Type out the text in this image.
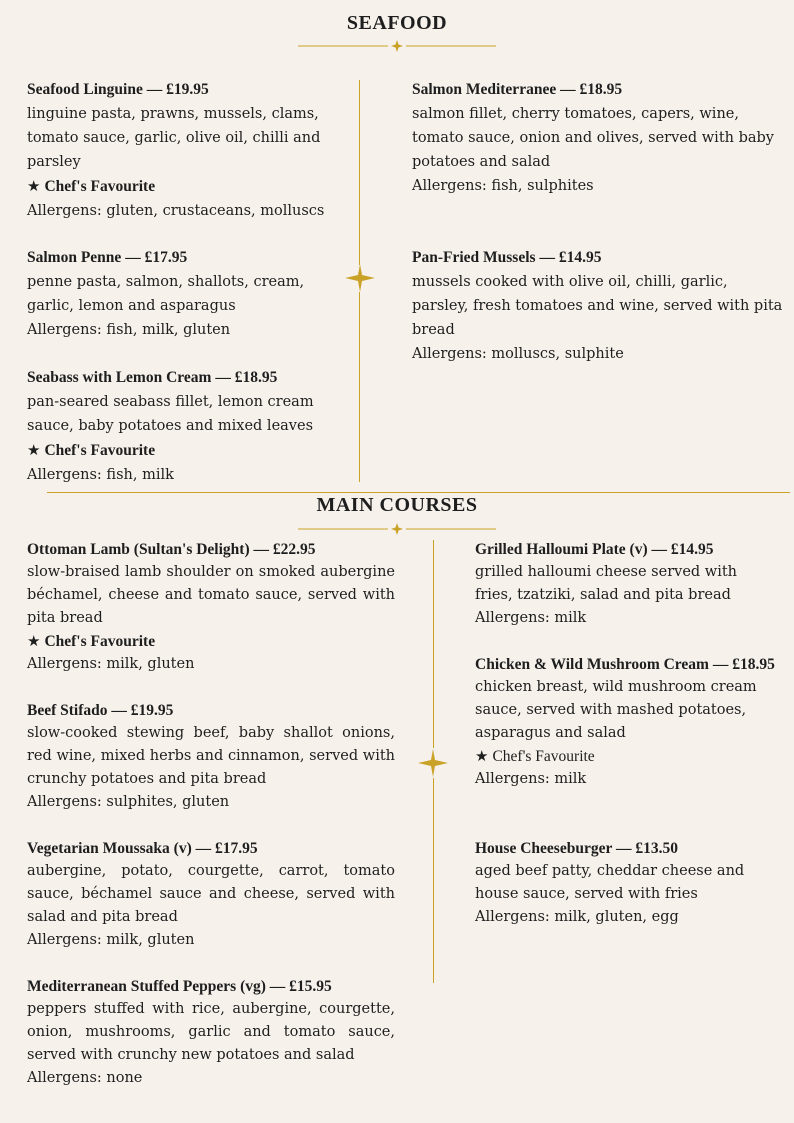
SEAFOOD
Seafood Linguine — £19.95
linguine pasta, prawns, mussels, clams, tomato sauce, garlic, olive oil, chilli and parsley
★ Chef's Favourite
Allergens: gluten, crustaceans, molluscs
Salmon Penne — £17.95
penne pasta, salmon, shallots, cream, garlic, lemon and asparagus
Allergens: fish, milk, gluten
Seabass with Lemon Cream — £18.95
pan-seared seabass fillet, lemon cream sauce, baby potatoes and mixed leaves
★ Chef's Favourite
Allergens: fish, milk
Salmon Mediterranee — £18.95
salmon fillet, cherry tomatoes, capers, wine, tomato sauce, onion and olives, served with baby potatoes and salad
Allergens: fish, sulphites
Pan-Fried Mussels — £14.95
mussels cooked with olive oil, chilli, garlic, parsley, fresh tomatoes and wine, served with pita bread
Allergens: molluscs, sulphite
MAIN COURSES
Ottoman Lamb (Sultan's Delight) — £22.95
slow-braised lamb shoulder on smoked aubergine béchamel, cheese and tomato sauce, served with pita bread
★ Chef's Favourite
Allergens: milk, gluten
Beef Stifado — £19.95
slow-cooked stewing beef, baby shallot onions, red wine, mixed herbs and cinnamon, served with crunchy potatoes and pita bread
Allergens: sulphites, gluten
Vegetarian Moussaka (v) — £17.95
aubergine, potato, courgette, carrot, tomato sauce, béchamel sauce and cheese, served with salad and pita bread
Allergens: milk, gluten
Mediterranean Stuffed Peppers (vg) — £15.95
peppers stuffed with rice, aubergine, courgette, onion, mushrooms, garlic and tomato sauce, served with crunchy new potatoes and salad
Allergens: none
Grilled Halloumi Plate (v) — £14.95
grilled halloumi cheese served with fries, tzatziki, salad and pita bread
Allergens: milk
Chicken & Wild Mushroom Cream — £18.95
chicken breast, wild mushroom cream sauce, served with mashed potatoes, asparagus and salad
★ Chef's Favourite
Allergens: milk
House Cheeseburger — £13.50
aged beef patty, cheddar cheese and house sauce, served with fries
Allergens: milk, gluten, egg
